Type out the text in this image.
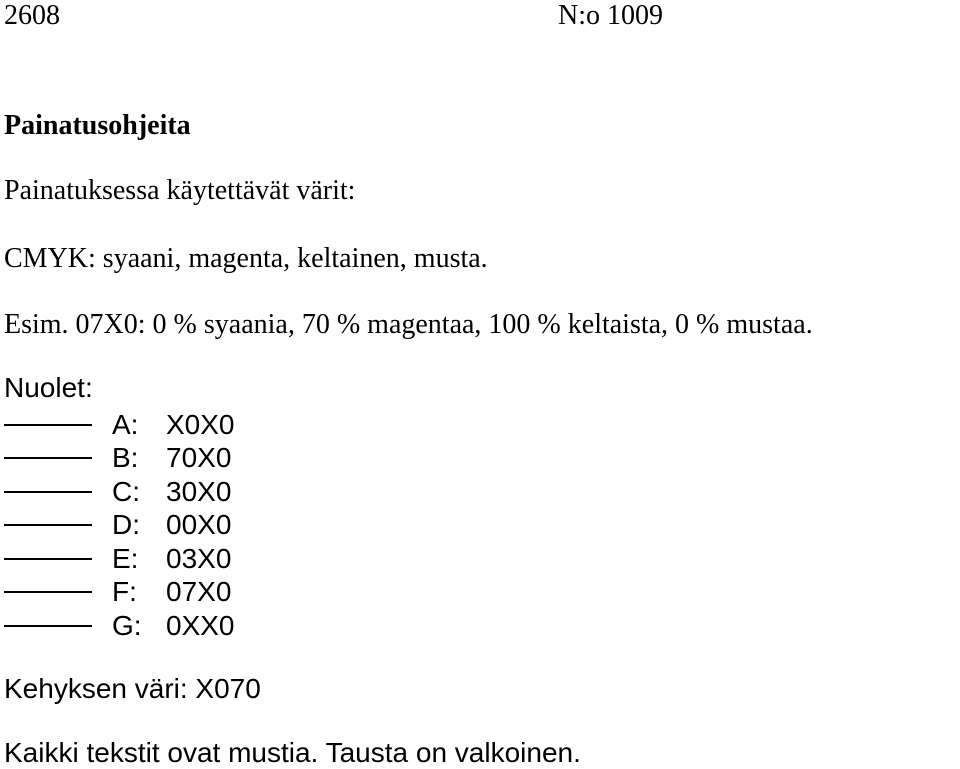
2608	N:o 1009
Painatusohjeita
Painatuksessa käytettävät värit:
CMYK: syaani, magenta, keltainen, musta.
Esim. 07X0: 0 % syaania, 70 % magentaa, 100 % keltaista, 0 % mustaa.
Nuolet:
A: X0X0
B: 70X0
C: 30X0
D: 00X0
E: 03X0
F:	07X0
G: 0XX0
Kehyksen väri: X070
Kaikki tekstit ovat mustia. Tausta on valkoinen.
